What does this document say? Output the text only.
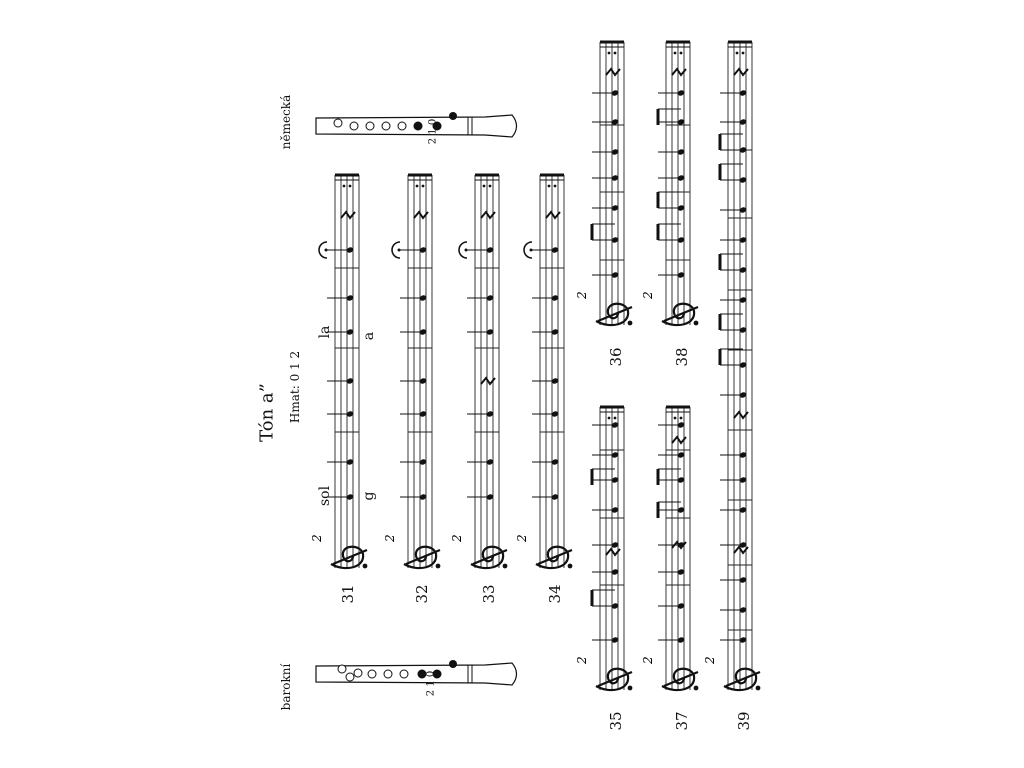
2	2	2	2
2
2
2
2	2
Tón a” Hmat: 0 1 2
barokní
německá
sol g
la a
31	32	33	34
35
36
37
38
39
2 1 0
2 1 0
